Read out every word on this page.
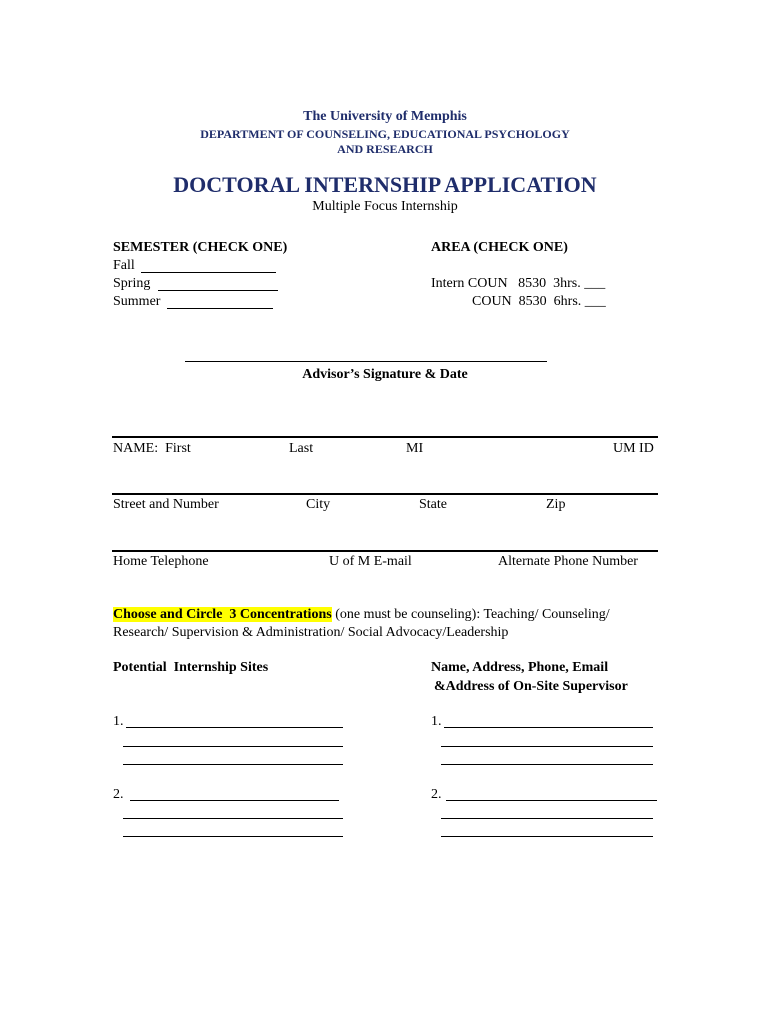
The University of Memphis
DEPARTMENT OF COUNSELING, EDUCATIONAL PSYCHOLOGY
AND RESEARCH
DOCTORAL INTERNSHIP APPLICATION
Multiple Focus Internship
SEMESTER (CHECK ONE)
Fall
Spring
Summer
AREA (CHECK ONE)
Intern COUN   8530  3hrs. ___
COUN  8530  6hrs. ___
Advisor’s Signature & Date
NAME:  First	Last	MI	UM ID
Street and Number	City	State	Zip
Home Telephone	U of M E-mail	Alternate Phone Number
Choose and Circle  3 Concentrations (one must be counseling): Teaching/ Counseling/
Research/ Supervision & Administration/ Social Advocacy/Leadership
Potential  Internship Sites	Name, Address, Phone, Email
&Address of On-Site Supervisor
1.	1.
2.	2.
